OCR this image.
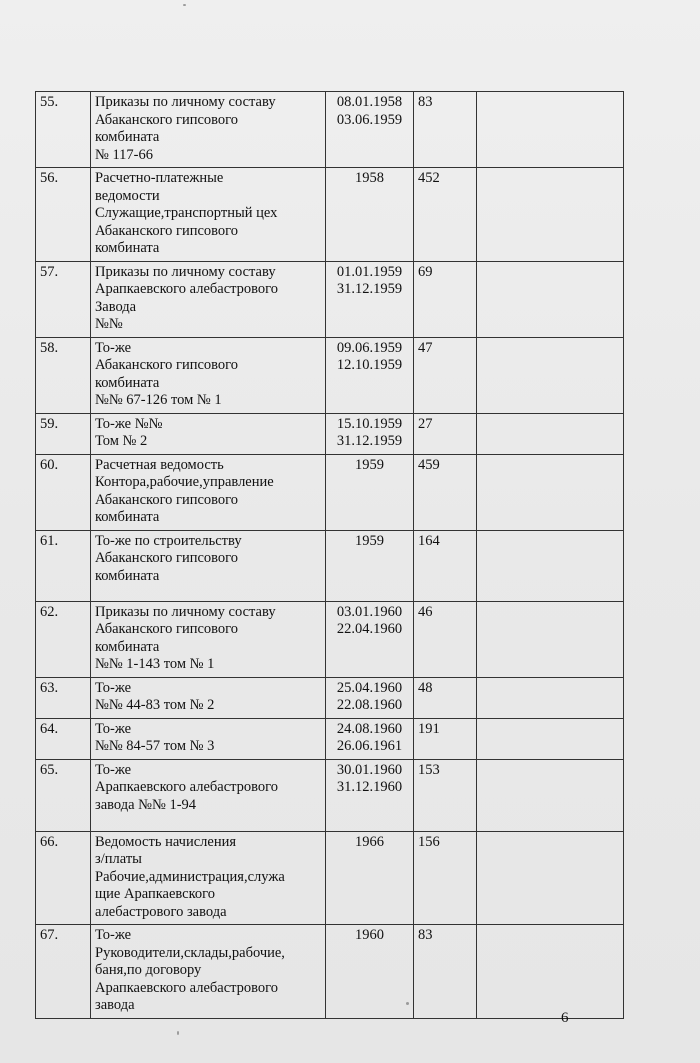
55.	Приказы по личному составу
Абаканского гипсового
комбината
№ 117-66	08.01.1958
03.06.1959	83	
56.	Расчетно-платежные
ведомости
Служащие,транспортный цех
Абаканского гипсового
комбината	1958	452	
57.	Приказы по личному составу
Арапкаевского алебастрового
Завода
№№	01.01.1959
31.12.1959	69	
58.	То-же
Абаканского гипсового
комбината
№№ 67-126 том № 1	09.06.1959
12.10.1959	47	
59.	То-же №№
Том № 2	15.10.1959
31.12.1959	27	
60.	Расчетная ведомость
Контора,рабочие,управление
Абаканского гипсового
комбината	1959	459	
61.	То-же по строительству
Абаканского гипсового
комбината	1959	164	
62.	Приказы по личному составу
Абаканского гипсового
комбината
№№ 1-143 том № 1	03.01.1960
22.04.1960	46	
63.	То-же
№№ 44-83 том № 2	25.04.1960
22.08.1960	48	
64.	То-же
№№ 84-57 том № 3	24.08.1960
26.06.1961	191	
65.	То-же
Арапкаевского алебастрового
завода №№ 1-94	30.01.1960
31.12.1960	153	
66.	Ведомость начисления
з/платы
Рабочие,администрация,служа
щие Арапкаевского
алебастрового завода	1966	156	
67.	То-же
Руководители,склады,рабочие,
баня,по договору
Арапкаевского алебастрового
завода	1960	83	
6
